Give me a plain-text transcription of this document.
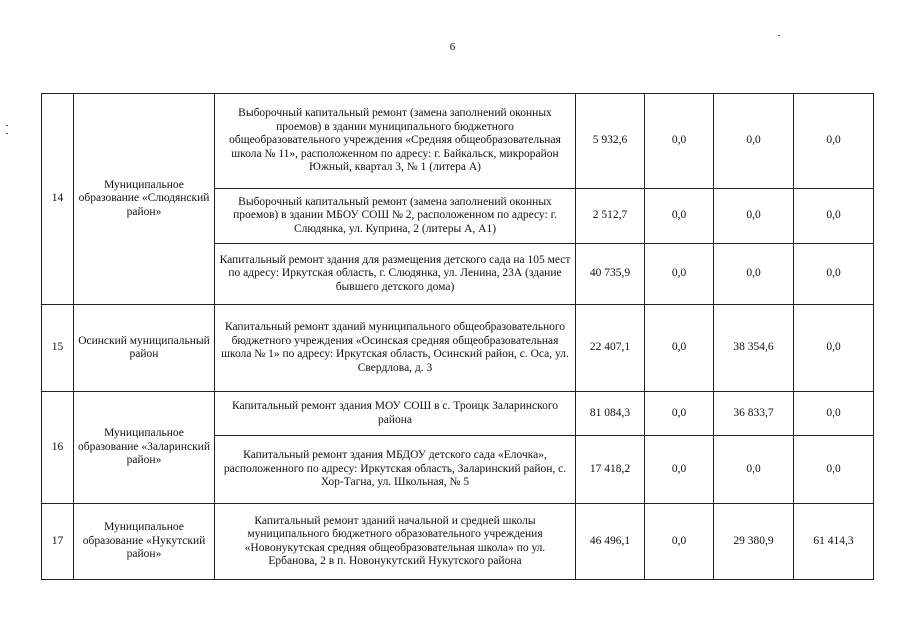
6
14	Муниципальное образование «Слюдянский район»	Выборочный капитальный ремонт (замена заполнений оконных проемов) в здании муниципального бюджетного общеобразовательного учреждения «Средняя общеобразовательная школа № 11», расположенном по адресу: г. Байкальск, микрорайон Южный, квартал 3, № 1 (литера А)	5 932,6	0,0	0,0	0,0
		Выборочный капитальный ремонт (замена заполнений оконных проемов) в здании МБОУ СОШ № 2, расположенном по адресу: г. Слюдянка, ул. Куприна, 2 (литеры А, А1)	2 512,7	0,0	0,0	0,0
		Капитальный ремонт здания для размещения детского сада на 105 мест по адресу: Иркутская область, г. Слюдянка, ул. Ленина, 23А (здание бывшего детского дома)	40 735,9	0,0	0,0	0,0
15	Осинский муниципальный район	Капитальный ремонт зданий муниципального общеобразовательного бюджетного учреждения «Осинская средняя общеобразовательная школа № 1» по адресу: Иркутская область, Осинский район, с. Оса, ул. Свердлова, д. 3	22 407,1	0,0	38 354,6	0,0
16	Муниципальное образование «Заларинский район»	Капитальный ремонт здания МОУ СОШ в с. Троицк Заларинского района	81 084,3	0,0	36 833,7	0,0
		Капитальный ремонт здания МБДОУ детского сада «Елочка», расположенного по адресу: Иркутская область, Заларинский район, с. Хор-Тагна, ул. Школьная, № 5	17 418,2	0,0	0,0	0,0
17	Муниципальное образование «Нукутский район»	Капитальный ремонт зданий начальной и средней школы муниципального бюджетного образовательного учреждения «Новонукутская средняя общеобразовательная школа» по ул. Ербанова, 2 в п. Новонукутский Нукутского района	46 496,1	0,0	29 380,9	61 414,3
